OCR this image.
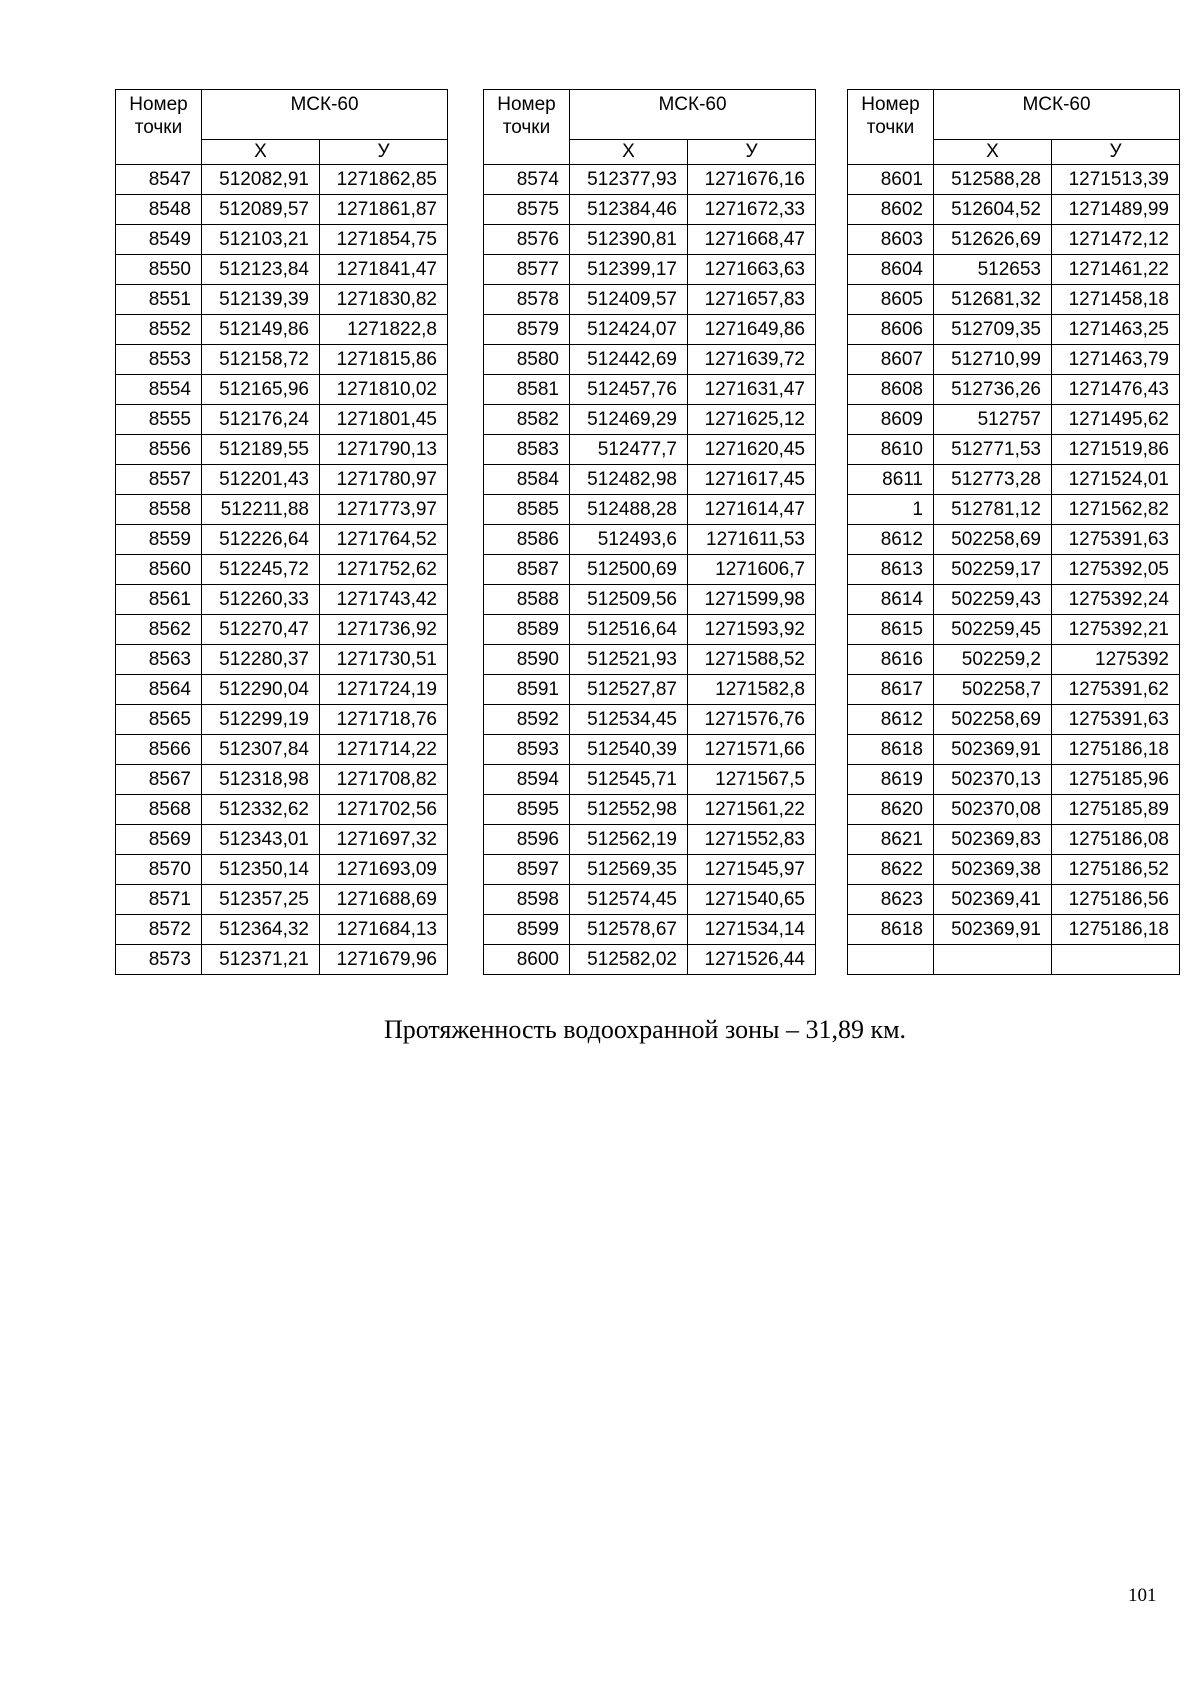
Номер
точки	МСК-60	
	Х	У
8547	512082,91	1271862,85
8548	512089,57	1271861,87
8549	512103,21	1271854,75
8550	512123,84	1271841,47
8551	512139,39	1271830,82
8552	512149,86	1271822,8
8553	512158,72	1271815,86
8554	512165,96	1271810,02
8555	512176,24	1271801,45
8556	512189,55	1271790,13
8557	512201,43	1271780,97
8558	512211,88	1271773,97
8559	512226,64	1271764,52
8560	512245,72	1271752,62
8561	512260,33	1271743,42
8562	512270,47	1271736,92
8563	512280,37	1271730,51
8564	512290,04	1271724,19
8565	512299,19	1271718,76
8566	512307,84	1271714,22
8567	512318,98	1271708,82
8568	512332,62	1271702,56
8569	512343,01	1271697,32
8570	512350,14	1271693,09
8571	512357,25	1271688,69
8572	512364,32	1271684,13
8573	512371,21	1271679,96
Номер
точки	МСК-60	
	Х	У
8574	512377,93	1271676,16
8575	512384,46	1271672,33
8576	512390,81	1271668,47
8577	512399,17	1271663,63
8578	512409,57	1271657,83
8579	512424,07	1271649,86
8580	512442,69	1271639,72
8581	512457,76	1271631,47
8582	512469,29	1271625,12
8583	512477,7	1271620,45
8584	512482,98	1271617,45
8585	512488,28	1271614,47
8586	512493,6	1271611,53
8587	512500,69	1271606,7
8588	512509,56	1271599,98
8589	512516,64	1271593,92
8590	512521,93	1271588,52
8591	512527,87	1271582,8
8592	512534,45	1271576,76
8593	512540,39	1271571,66
8594	512545,71	1271567,5
8595	512552,98	1271561,22
8596	512562,19	1271552,83
8597	512569,35	1271545,97
8598	512574,45	1271540,65
8599	512578,67	1271534,14
8600	512582,02	1271526,44
Номер
точки	МСК-60	
	Х	У
8601	512588,28	1271513,39
8602	512604,52	1271489,99
8603	512626,69	1271472,12
8604	512653	1271461,22
8605	512681,32	1271458,18
8606	512709,35	1271463,25
8607	512710,99	1271463,79
8608	512736,26	1271476,43
8609	512757	1271495,62
8610	512771,53	1271519,86
8611	512773,28	1271524,01
1	512781,12	1271562,82
8612	502258,69	1275391,63
8613	502259,17	1275392,05
8614	502259,43	1275392,24
8615	502259,45	1275392,21
8616	502259,2	1275392
8617	502258,7	1275391,62
8612	502258,69	1275391,63
8618	502369,91	1275186,18
8619	502370,13	1275185,96
8620	502370,08	1275185,89
8621	502369,83	1275186,08
8622	502369,38	1275186,52
8623	502369,41	1275186,56
8618	502369,91	1275186,18

Протяженность водоохранной зоны – 31,89 км.
101
